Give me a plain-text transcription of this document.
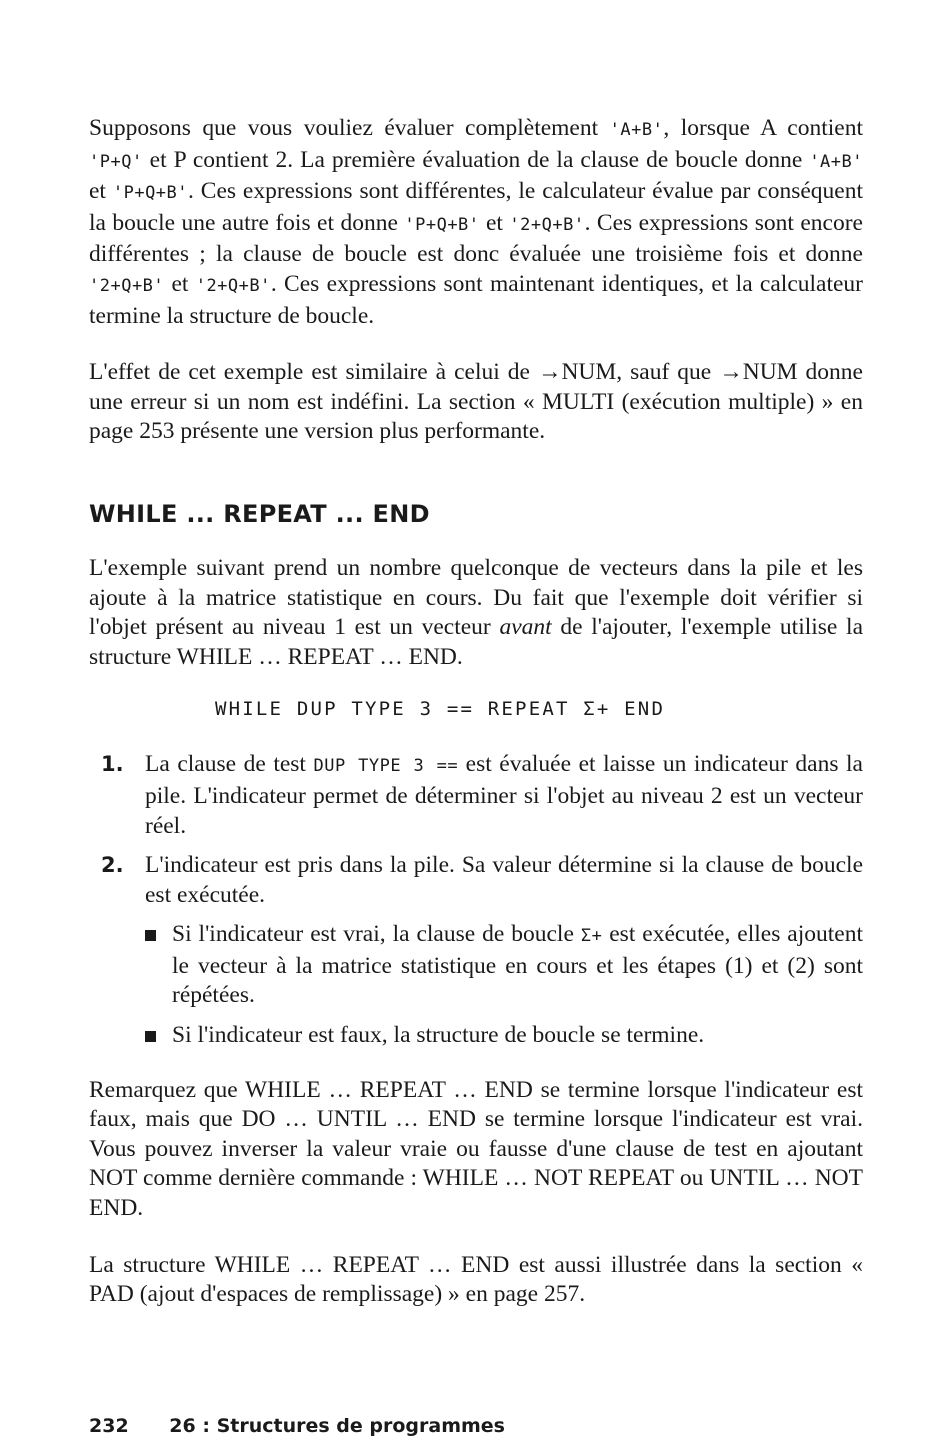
Supposons que vous vouliez évaluer complètement 'A+B', lorsque A contient 'P+Q' et P contient 2. La première évaluation de la clause de boucle donne 'A+B' et 'P+Q+B'. Ces expressions sont différentes, le calculateur évalue par conséquent la boucle une autre fois et donne 'P+Q+B' et '2+Q+B'. Ces expressions sont encore différentes ; la clause de boucle est donc évaluée une troisième fois et donne '2+Q+B' et '2+Q+B'. Ces expressions sont maintenant identiques, et la calculateur termine la structure de boucle.

L'effet de cet exemple est similaire à celui de →NUM, sauf que →NUM donne une erreur si un nom est indéfini. La section « MULTI (exécution multiple) » en page 253 présente une version plus performante.

WHILE ... REPEAT ... END

L'exemple suivant prend un nombre quelconque de vecteurs dans la pile et les ajoute à la matrice statistique en cours. Du fait que l'exemple doit vérifier si l'objet présent au niveau 1 est un vecteur avant de l'ajouter, l'exemple utilise la structure WHILE … REPEAT … END.

WHILE DUP TYPE 3 == REPEAT Σ+ END
1. La clause de test DUP TYPE 3 == est évaluée et laisse un indicateur dans la pile. L'indicateur permet de déterminer si l'objet au niveau 2 est un vecteur réel.

2. L'indicateur est pris dans la pile. Sa valeur détermine si la clause de boucle est exécutée.

Si l'indicateur est vrai, la clause de boucle Σ+ est exécutée, elles ajoutent le vecteur à la matrice statistique en cours et les étapes (1) et (2) sont répétées.

Si l'indicateur est faux, la structure de boucle se termine.

Remarquez que WHILE … REPEAT … END se termine lorsque l'indicateur est faux, mais que DO … UNTIL … END se termine lorsque l'indicateur est vrai. Vous pouvez inverser la valeur vraie ou fausse d'une clause de test en ajoutant NOT comme dernière commande : WHILE … NOT REPEAT ou UNTIL … NOT END.

La structure WHILE … REPEAT … END est aussi illustrée dans la section « PAD (ajout d'espaces de remplissage) » en page 257.

232 26 : Structures de programmes
